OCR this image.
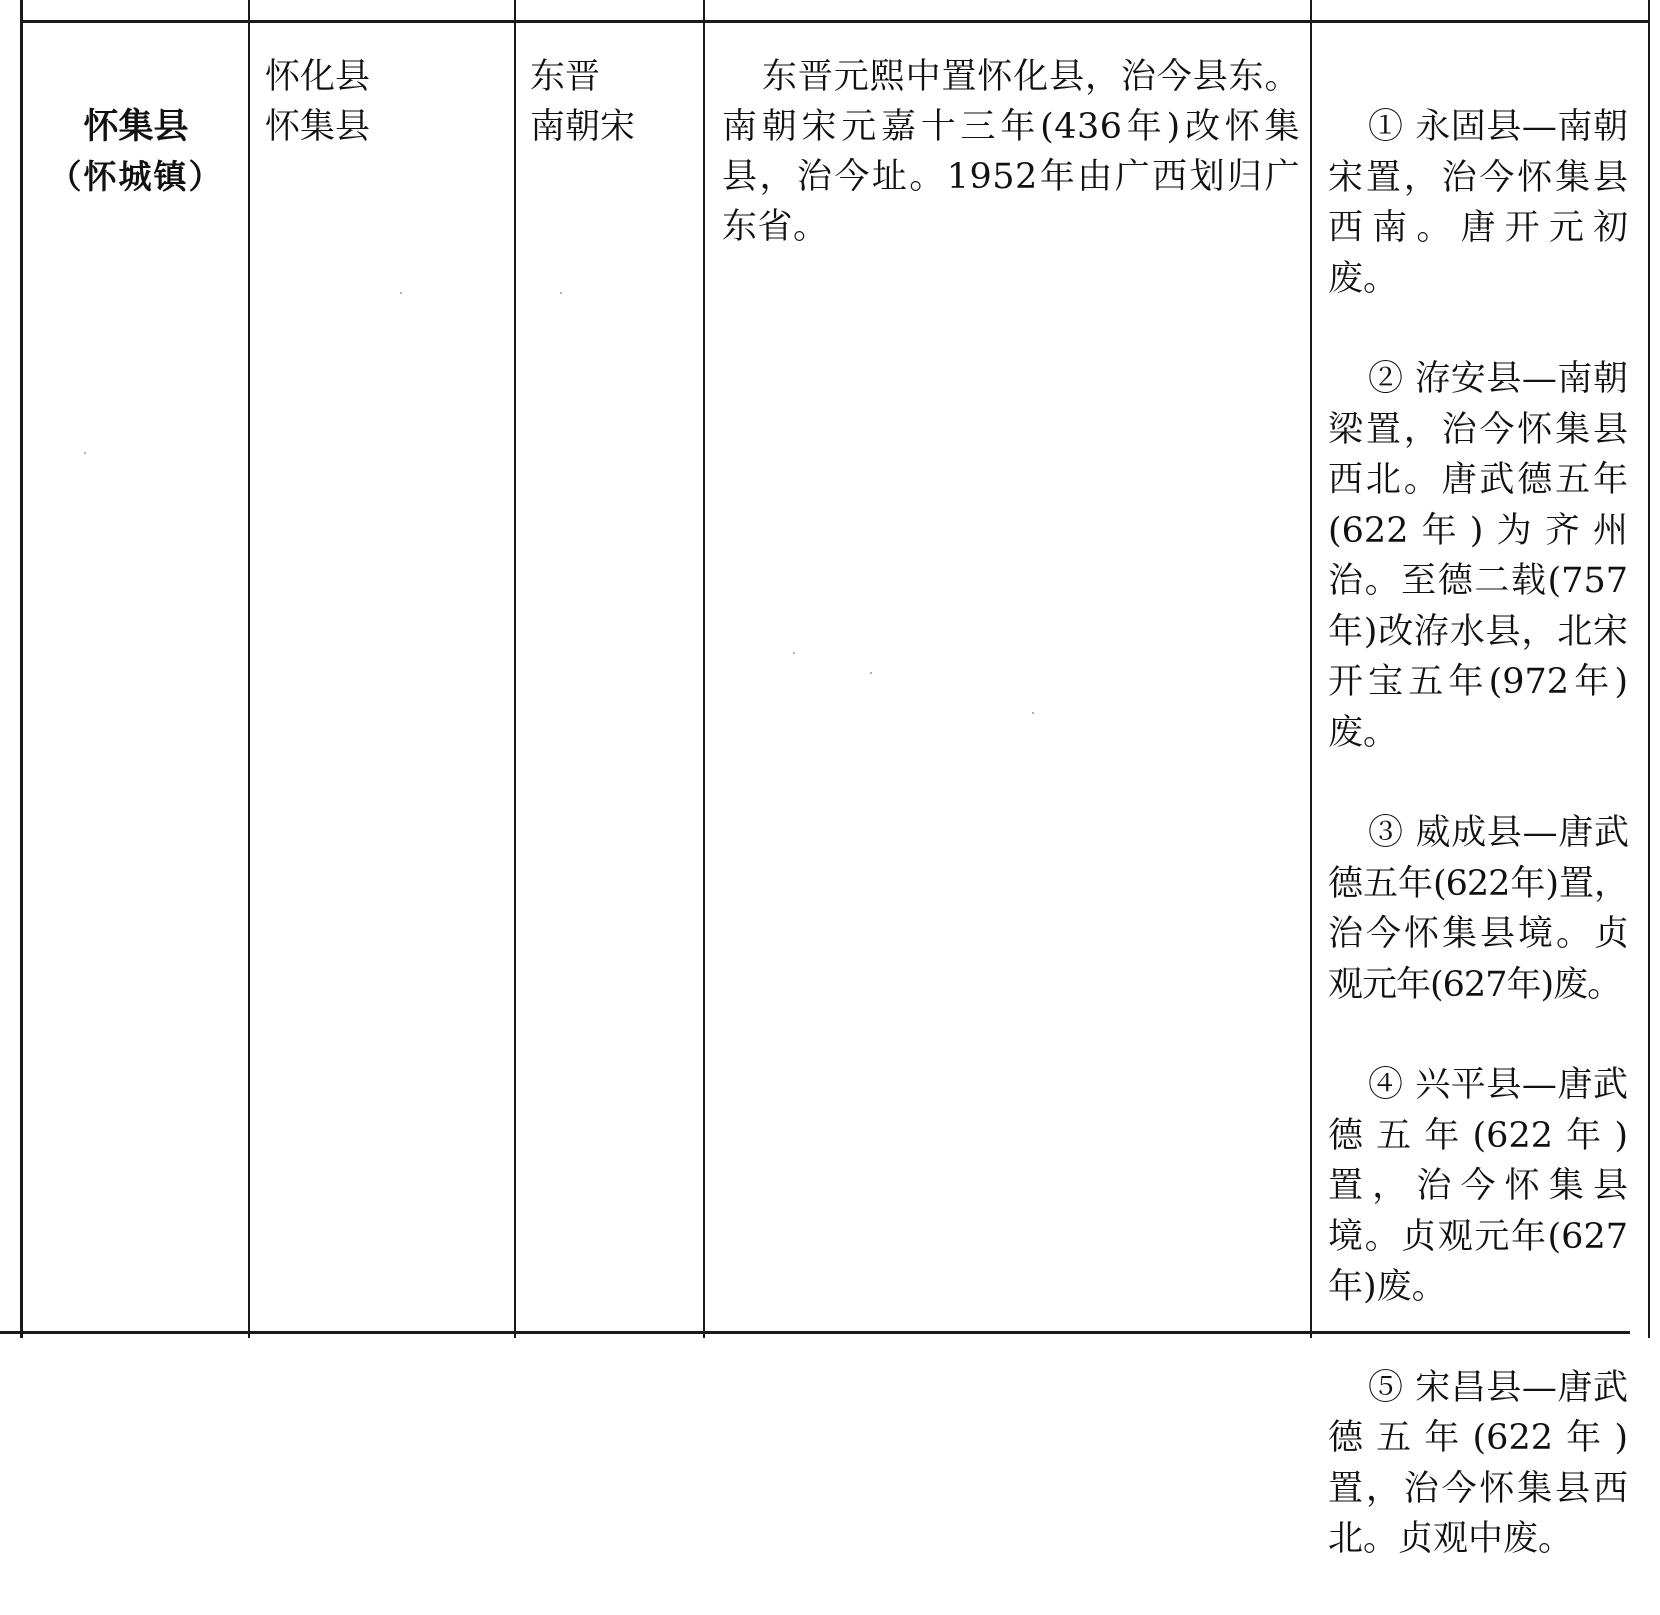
怀集县

（怀城镇）

怀化县
怀集县
东晋
南朝宋
东晋元熙中置怀化县，治今县东。南朝宋元嘉十三年(436年)改怀集县，治今址。1952年由广西划归广东省。

① 永固县—南朝宋置，治今怀集县西南。唐开元初废。

② 洊安县—南朝梁置，治今怀集县西北。唐武德五年(622年)为齐州治。至德二载(757年)改洊水县，北宋开宝五年(972年)废。

③ 威成县—唐武德五年(622年)置，治今怀集县境。贞观元年(627年)废。

④ 兴平县—唐武德五年(622年)置，治今怀集县境。贞观元年(627年)废。

⑤ 宋昌县—唐武德五年(622年)置，治今怀集县西北。贞观中废。
